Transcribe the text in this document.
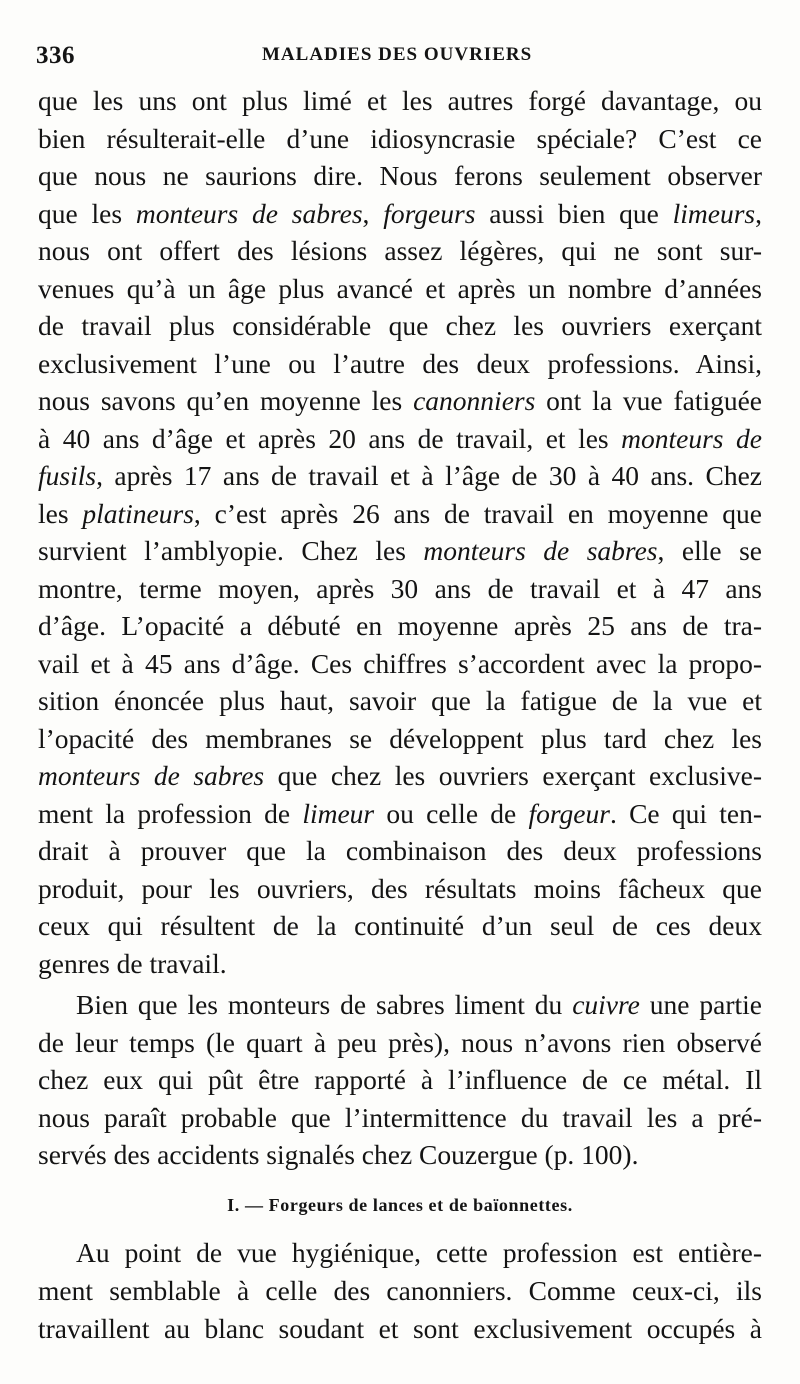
336	MALADIES DES OUVRIERS
que les uns ont plus limé et les autres forgé davantage, ou
bien résulterait-elle d’une idiosyncrasie spéciale? C’est ce
que nous ne saurions dire. Nous ferons seulement observer
que les monteurs de sabres, forgeurs aussi bien que limeurs,
nous ont offert des lésions assez légères, qui ne sont sur-
venues qu’à un âge plus avancé et après un nombre d’années
de travail plus considérable que chez les ouvriers exerçant
exclusivement l’une ou l’autre des deux professions. Ainsi,
nous savons qu’en moyenne les canonniers ont la vue fatiguée
à 40 ans d’âge et après 20 ans de travail, et les monteurs de
fusils, après 17 ans de travail et à l’âge de 30 à 40 ans. Chez
les platineurs, c’est après 26 ans de travail en moyenne que
survient l’amblyopie. Chez les monteurs de sabres, elle se
montre, terme moyen, après 30 ans de travail et à 47 ans
d’âge. L’opacité a débuté en moyenne après 25 ans de tra-
vail et à 45 ans d’âge. Ces chiffres s’accordent avec la propo-
sition énoncée plus haut, savoir que la fatigue de la vue et
l’opacité des membranes se développent plus tard chez les
monteurs de sabres que chez les ouvriers exerçant exclusive-
ment la profession de limeur ou celle de forgeur. Ce qui ten-
drait à prouver que la combinaison des deux professions
produit, pour les ouvriers, des résultats moins fâcheux que
ceux qui résultent de la continuité d’un seul de ces deux
genres de travail.
Bien que les monteurs de sabres liment du cuivre une partie
de leur temps (le quart à peu près), nous n’avons rien observé
chez eux qui pût être rapporté à l’influence de ce métal. Il
nous paraît probable que l’intermittence du travail les a pré-
servés des accidents signalés chez Couzergue (p. 100).
I. — Forgeurs de lances et de baïonnettes.
Au point de vue hygiénique, cette profession est entière-
ment semblable à celle des canonniers. Comme ceux-ci, ils
travaillent au blanc soudant et sont exclusivement occupés à
